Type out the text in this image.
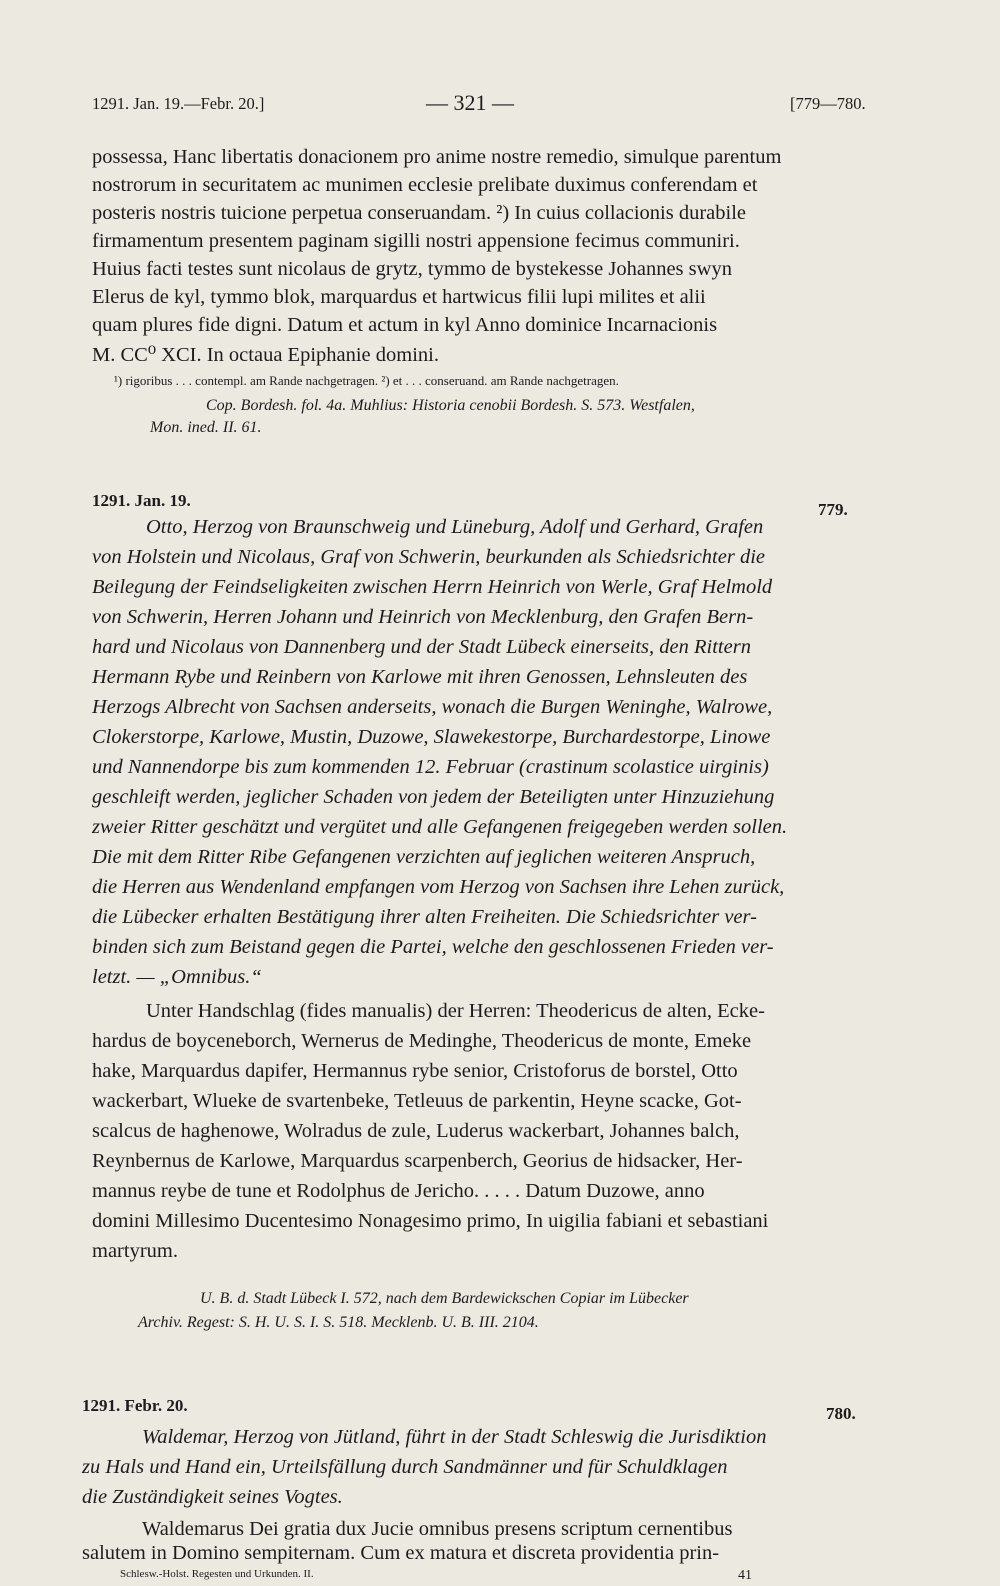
1291. Jan. 19.—Febr. 20.]	— 321 —	[779—780.
possessa, Hanc libertatis donacionem pro anime nostre remedio, simulque parentum
nostrorum in securitatem ac munimen ecclesie prelibate duximus conferendam et
posteris nostris tuicione perpetua conseruandam. ²) In cuius collacionis durabile
firmamentum presentem paginam sigilli nostri appensione fecimus communiri.
Huius facti testes sunt nicolaus de grytz, tymmo de bystekesse Johannes swyn
Elerus de kyl, tymmo blok, marquardus et hartwicus filii lupi milites et alii
quam plures fide digni. Datum et actum in kyl Anno dominice Incarnacionis
M. CC⁰ XCI. In octaua Epiphanie domini.
¹) rigoribus . . . contempl. am Rande nachgetragen. ²) et . . . conseruand. am Rande nachgetragen.
Cop. Bordesh. fol. 4a. Muhlius: Historia cenobii Bordesh. S. 573. Westfalen,
Mon. ined. II. 61.
1291. Jan. 19.	779.
Otto, Herzog von Braunschweig und Lüneburg, Adolf und Gerhard, Grafen
von Holstein und Nicolaus, Graf von Schwerin, beurkunden als Schiedsrichter die
Beilegung der Feindseligkeiten zwischen Herrn Heinrich von Werle, Graf Helmold
von Schwerin, Herren Johann und Heinrich von Mecklenburg, den Grafen Bern-
hard und Nicolaus von Dannenberg und der Stadt Lübeck einerseits, den Rittern
Hermann Rybe und Reinbern von Karlowe mit ihren Genossen, Lehnsleuten des
Herzogs Albrecht von Sachsen anderseits, wonach die Burgen Weninghe, Walrowe,
Clokerstorpe, Karlowe, Mustin, Duzowe, Slawekestorpe, Burchardestorpe, Linowe
und Nannendorpe bis zum kommenden 12. Februar (crastinum scolastice uirginis)
geschleift werden, jeglicher Schaden von jedem der Beteiligten unter Hinzuziehung
zweier Ritter geschätzt und vergütet und alle Gefangenen freigegeben werden sollen.
Die mit dem Ritter Ribe Gefangenen verzichten auf jeglichen weiteren Anspruch,
die Herren aus Wendenland empfangen vom Herzog von Sachsen ihre Lehen zurück,
die Lübecker erhalten Bestätigung ihrer alten Freiheiten. Die Schiedsrichter ver-
binden sich zum Beistand gegen die Partei, welche den geschlossenen Frieden ver-
letzt. — „Omnibus.“
Unter Handschlag (fides manualis) der Herren: Theodericus de alten, Ecke-
hardus de boyceneborch, Wernerus de Medinghe, Theodericus de monte, Emeke
hake, Marquardus dapifer, Hermannus rybe senior, Cristoforus de borstel, Otto
wackerbart, Wlueke de svartenbeke, Tetleuus de parkentin, Heyne scacke, Got-
scalcus de haghenowe, Wolradus de zule, Luderus wackerbart, Johannes balch,
Reynbernus de Karlowe, Marquardus scarpenberch, Georius de hidsacker, Her-
mannus reybe de tune et Rodolphus de Jericho. . . . . Datum Duzowe, anno
domini Millesimo Ducentesimo Nonagesimo primo, In uigilia fabiani et sebastiani
martyrum.
U. B. d. Stadt Lübeck I. 572, nach dem Bardewickschen Copiar im Lübecker
Archiv. Regest: S. H. U. S. I. S. 518. Mecklenb. U. B. III. 2104.
1291. Febr. 20.	780.
Waldemar, Herzog von Jütland, führt in der Stadt Schleswig die Jurisdiktion
zu Hals und Hand ein, Urteilsfällung durch Sandmänner und für Schuldklagen
die Zuständigkeit seines Vogtes.
Waldemarus Dei gratia dux Jucie omnibus presens scriptum cernentibus
salutem in Domino sempiternam. Cum ex matura et discreta providentia prin-
Schlesw.-Holst. Regesten und Urkunden. II.	41
